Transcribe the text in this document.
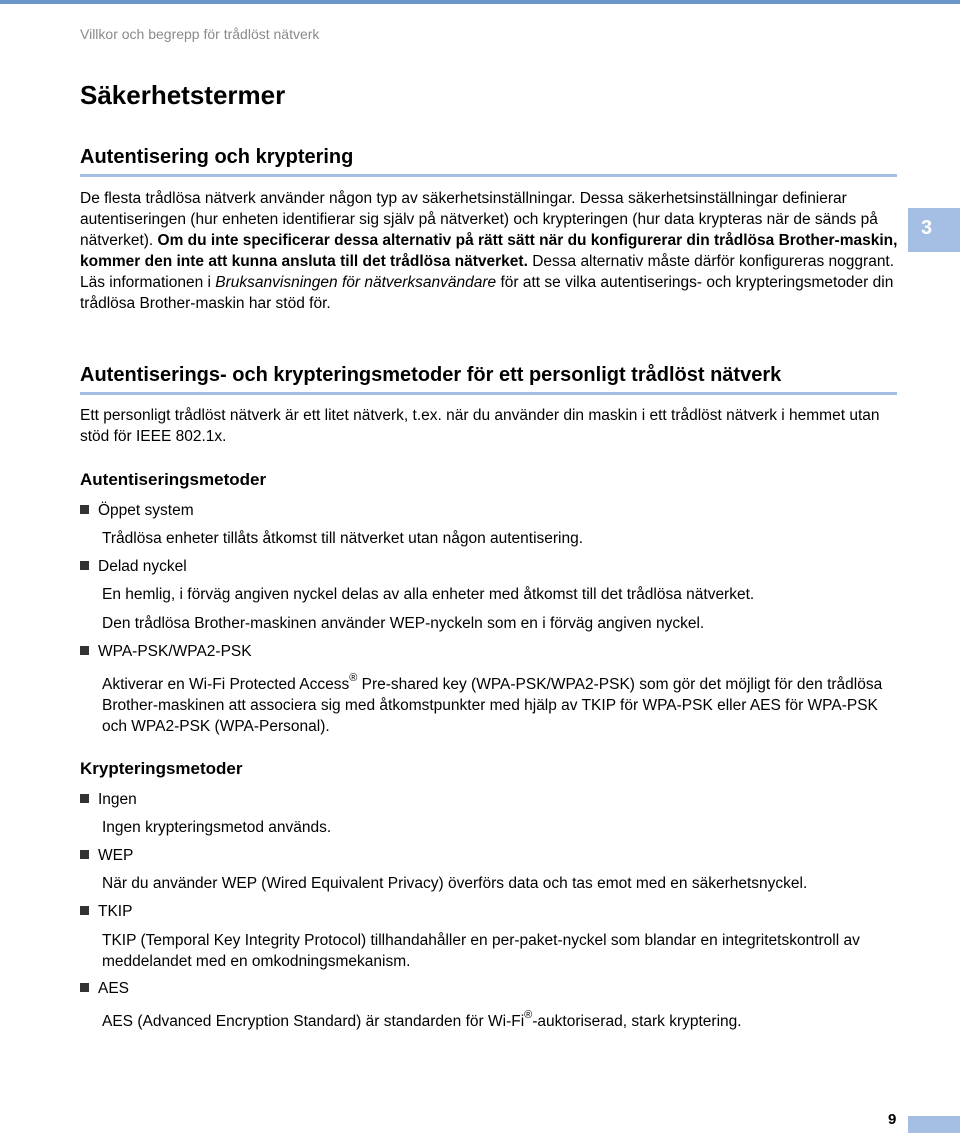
Villkor och begrepp för trådlöst nätverk
Säkerhetstermer
3
Autentisering och kryptering

De flesta trådlösa nätverk använder någon typ av säkerhetsinställningar. Dessa säkerhetsinställningar definierar autentiseringen (hur enheten identifierar sig själv på nätverket) och krypteringen (hur data krypteras när de sänds på nätverket). Om du inte specificerar dessa alternativ på rätt sätt när du konfigurerar din trådlösa Brother-maskin, kommer den inte att kunna ansluta till det trådlösa nätverket. Dessa alternativ måste därför konfigureras noggrant. Läs informationen i Bruksanvisningen för nätverksanvändare för att se vilka autentiserings- och krypteringsmetoder din trådlösa Brother-maskin har stöd för.

Autentiserings- och krypteringsmetoder för ett personligt trådlöst nätverk

Ett personligt trådlöst nätverk är ett litet nätverk, t.ex. när du använder din maskin i ett trådlöst nätverk i hemmet utan stöd för IEEE 802.1x.

Autentiseringsmetoder
Öppet system

Trådlösa enheter tillåts åtkomst till nätverket utan någon autentisering.

Delad nyckel

En hemlig, i förväg angiven nyckel delas av alla enheter med åtkomst till det trådlösa nätverket.

Den trådlösa Brother-maskinen använder WEP-nyckeln som en i förväg angiven nyckel.

WPA-PSK/WPA2-PSK

Aktiverar en Wi-Fi Protected Access® Pre-shared key (WPA-PSK/WPA2-PSK) som gör det möjligt för den trådlösa Brother-maskinen att associera sig med åtkomstpunkter med hjälp av TKIP för WPA-PSK eller AES för WPA-PSK och WPA2-PSK (WPA-Personal).

Krypteringsmetoder
Ingen

Ingen krypteringsmetod används.

WEP

När du använder WEP (Wired Equivalent Privacy) överförs data och tas emot med en säkerhetsnyckel.

TKIP

TKIP (Temporal Key Integrity Protocol) tillhandahåller en per-paket-nyckel som blandar en integritetskontroll av meddelandet med en omkodningsmekanism.

AES

AES (Advanced Encryption Standard) är standarden för Wi-Fi®-auktoriserad, stark kryptering.

9
